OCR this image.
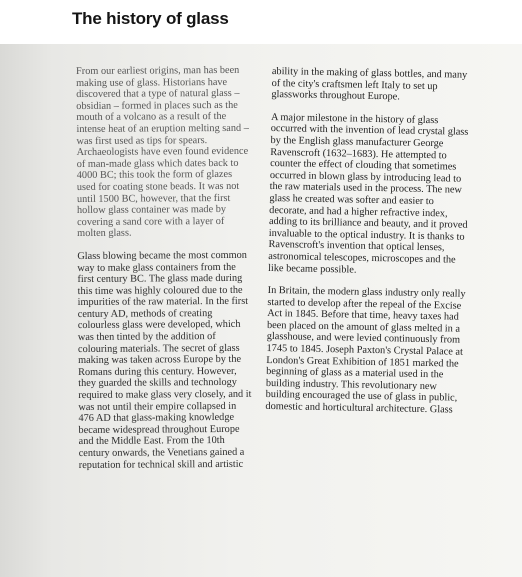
The history of glass

From our earliest origins, man has been making use of glass. Historians have discovered that a type of natural glass – obsidian – formed in places such as the mouth of a volcano as a result of the intense heat of an eruption melting sand – was first used as tips for spears. Archaeologists have even found evidence of man-made glass which dates back to 4000 BC; this took the form of glazes used for coating stone beads. It was not until 1500 BC, however, that the first hollow glass container was made by covering a sand core with a layer of molten glass.

Glass blowing became the most common way to make glass containers from the first century BC. The glass made during this time was highly coloured due to the impurities of the raw material. In the first century AD, methods of creating colourless glass were developed, which was then tinted by the addition of colouring materials. The secret of glass making was taken across Europe by the Romans during this century. However, they guarded the skills and technology required to make glass very closely, and it was not until their empire collapsed in 476 AD that glass-making knowledge became widespread throughout Europe and the Middle East. From the 10th century onwards, the Venetians gained a reputation for technical skill and artistic

ability in the making of glass bottles, and many of the city's craftsmen left Italy to set up glassworks throughout Europe.

A major milestone in the history of glass occurred with the invention of lead crystal glass by the English glass manufacturer George Ravenscroft (1632–1683). He attempted to counter the effect of clouding that sometimes occurred in blown glass by introducing lead to the raw materials used in the process. The new glass he created was softer and easier to decorate, and had a higher refractive index, adding to its brilliance and beauty, and it proved invaluable to the optical industry. It is thanks to Ravenscroft's invention that optical lenses, astronomical telescopes, microscopes and the like became possible.

In Britain, the modern glass industry only really started to develop after the repeal of the Excise Act in 1845. Before that time, heavy taxes had been placed on the amount of glass melted in a glasshouse, and were levied continuously from 1745 to 1845. Joseph Paxton's Crystal Palace at London's Great Exhibition of 1851 marked the beginning of glass as a material used in the building industry. This revolutionary new building encouraged the use of glass in public, domestic and horticultural architecture. Glass
